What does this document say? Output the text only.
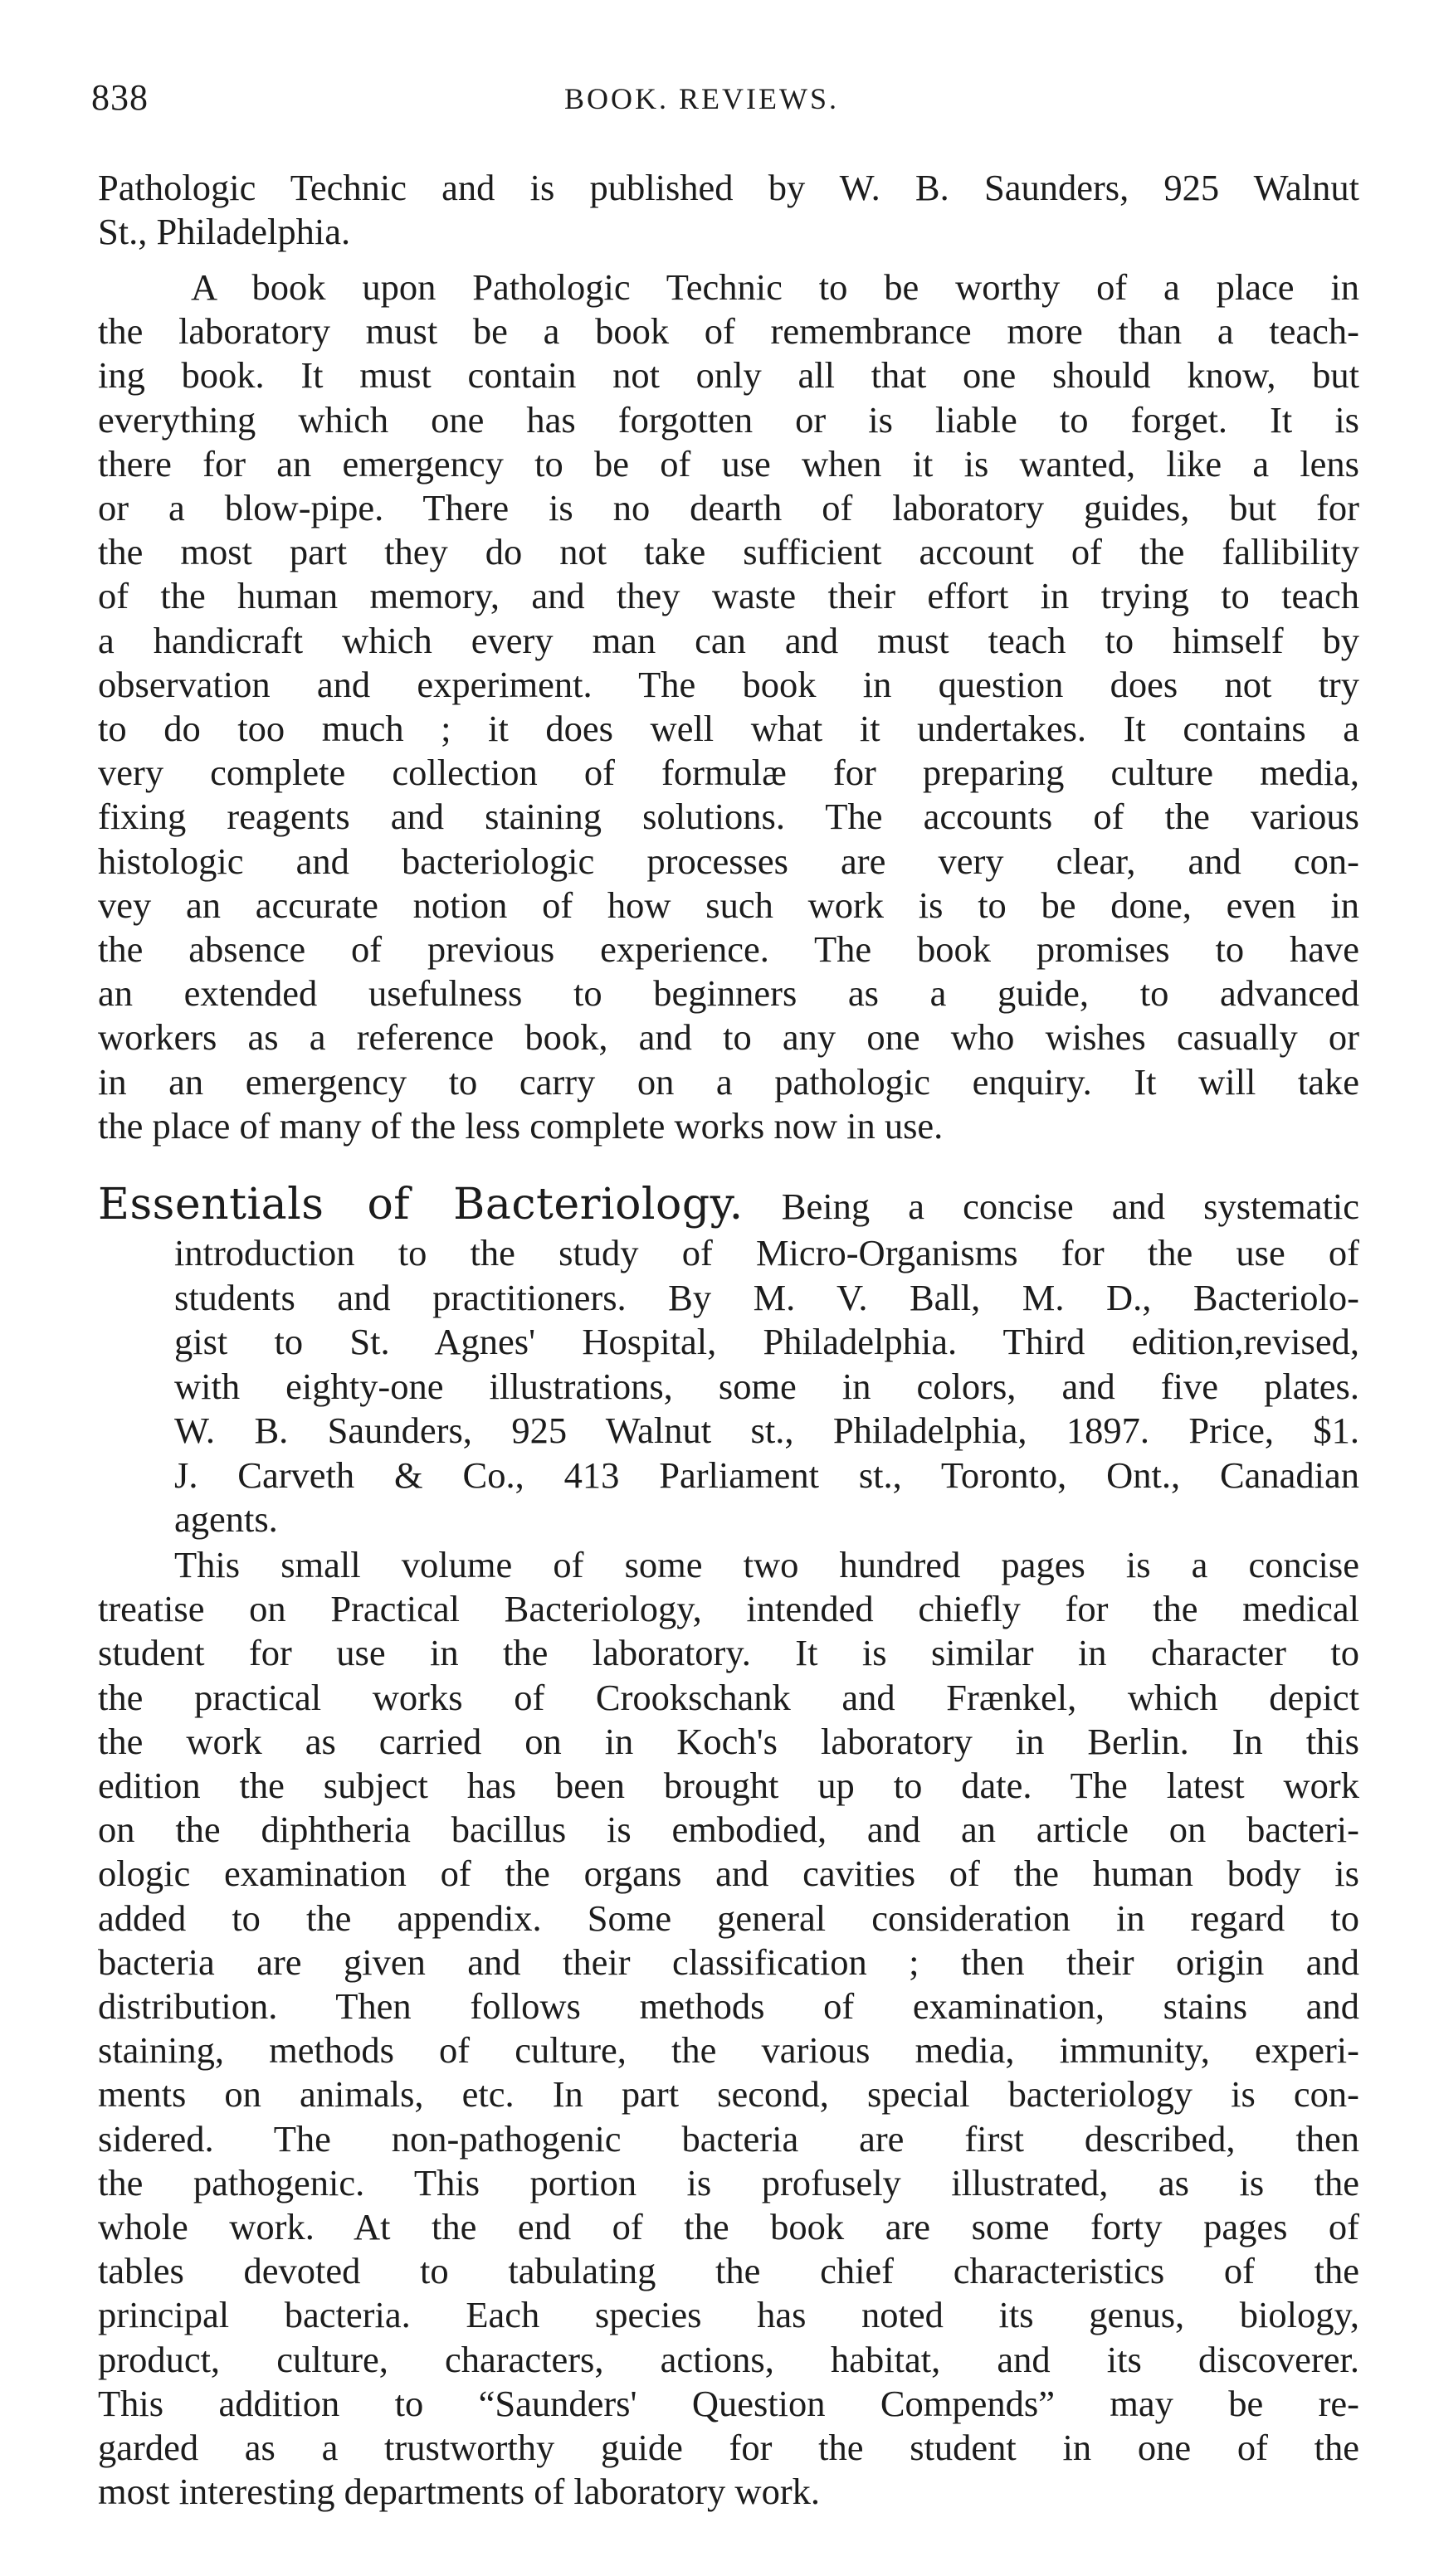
838	BOOK. REVIEWS.
Pathologic Technic and is published by W. B. Saunders, 925 Walnut
St., Philadelphia.
A book upon Pathologic Technic to be worthy of a place in
the laboratory must be a book of remembrance more than a teach-
ing book. It must contain not only all that one should know, but
everything which one has forgotten or is liable to forget. It is
there for an emergency to be of use when it is wanted, like a lens
or a blow-pipe. There is no dearth of laboratory guides, but for
the most part they do not take sufficient account of the fallibility
of the human memory, and they waste their effort in trying to teach
a handicraft which every man can and must teach to himself by
observation and experiment. The book in question does not try
to do too much ; it does well what it undertakes. It contains a
very complete collection of formulæ for preparing culture media,
fixing reagents and staining solutions. The accounts of the various
histologic and bacteriologic processes are very clear, and con-
vey an accurate notion of how such work is to be done, even in
the absence of previous experience. The book promises to have
an extended usefulness to beginners as a guide, to advanced
workers as a reference book, and to any one who wishes casually or
in an emergency to carry on a pathologic enquiry. It will take
the place of many of the less complete works now in use.
Essentials of Bacteriology. Being a concise and systematic
introduction to the study of Micro-Organisms for the use of
students and practitioners. By M. V. Ball, M. D., Bacteriolo-
gist to St. Agnes' Hospital, Philadelphia. Third edition,revised,
with eighty-one illustrations, some in colors, and five plates.
W. B. Saunders, 925 Walnut st., Philadelphia, 1897. Price, $1.
J. Carveth & Co., 413 Parliament st., Toronto, Ont., Canadian
agents.
This small volume of some two hundred pages is a concise
treatise on Practical Bacteriology, intended chiefly for the medical
student for use in the laboratory. It is similar in character to
the practical works of Crookschank and Frænkel, which depict
the work as carried on in Koch's laboratory in Berlin. In this
edition the subject has been brought up to date. The latest work
on the diphtheria bacillus is embodied, and an article on bacteri-
ologic examination of the organs and cavities of the human body is
added to the appendix. Some general consideration in regard to
bacteria are given and their classification ; then their origin and
distribution. Then follows methods of examination, stains and
staining, methods of culture, the various media, immunity, experi-
ments on animals, etc. In part second, special bacteriology is con-
sidered. The non-pathogenic bacteria are first described, then
the pathogenic. This portion is profusely illustrated, as is the
whole work. At the end of the book are some forty pages of
tables devoted to tabulating the chief characteristics of the
principal bacteria. Each species has noted its genus, biology,
product, culture, characters, actions, habitat, and its discoverer.
This addition to “Saunders' Question Compends” may be re-
garded as a trustworthy guide for the student in one of the
most interesting departments of laboratory work.
